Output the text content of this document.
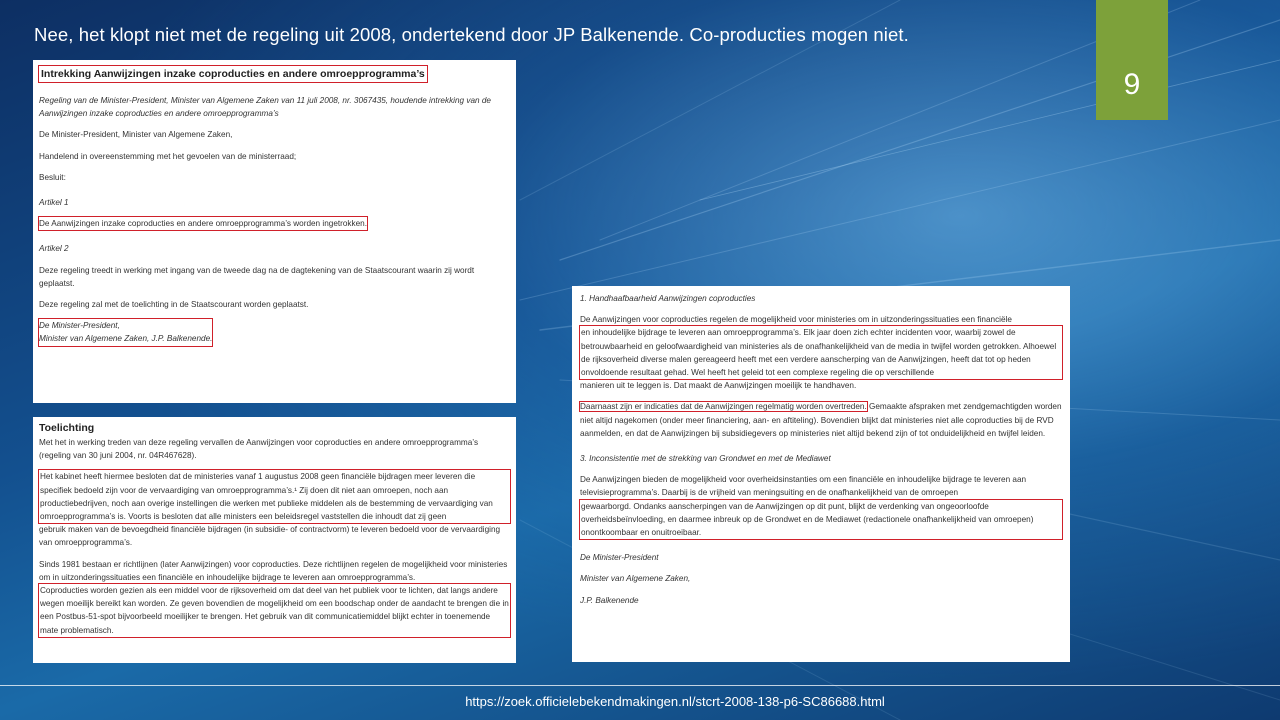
Nee, het klopt niet met de regeling uit 2008, ondertekend door JP Balkenende. Co-producties mogen niet.
9
Intrekking Aanwijzingen inzake coproducties en andere omroepprogramma’s

Regeling van de Minister-President, Minister van Algemene Zaken van 11 juli 2008, nr. 3067435, houdende intrekking van de Aanwijzingen inzake coproducties en andere omroepprogramma’s

De Minister-President, Minister van Algemene Zaken,

Handelend in overeenstemming met het gevoelen van de ministerraad;

Besluit:

Artikel 1

De Aanwijzingen inzake coproducties en andere omroepprogramma’s worden ingetrokken.

Artikel 2

Deze regeling treedt in werking met ingang van de tweede dag na de dagtekening van de Staatscourant waarin zij wordt geplaatst.

Deze regeling zal met de toelichting in de Staatscourant worden geplaatst.

De Minister-President,
Minister van Algemene Zaken, J.P. Balkenende.
Toelichting

Met het in werking treden van deze regeling vervallen de Aanwijzingen voor coproducties en andere omroepprogramma’s (regeling van 30 juni 2004, nr. 04R467628).

Het kabinet heeft hiermee besloten dat de ministeries vanaf 1 augustus 2008 geen financiële bijdragen meer leveren die specifiek bedoeld zijn voor de vervaardiging van omroepprogramma’s.¹ Zij doen dit niet aan omroepen, noch aan productiebedrijven, noch aan overige instellingen die werken met publieke middelen als de bestemming de vervaardiging van omroepprogramma’s is. Voorts is besloten dat alle ministers een beleidsregel vaststellen die inhoudt dat zij geen

gebruik maken van de bevoegdheid financiële bijdragen (in subsidie- of contractvorm) te leveren bedoeld voor de vervaardiging van omroepprogramma’s.

Sinds 1981 bestaan er richtlijnen (later Aanwijzingen) voor coproducties. Deze richtlijnen regelen de mogelijkheid voor ministeries om in uitzonderingssituaties een financiële en inhoudelijke bijdrage te leveren aan omroepprogramma’s.

Coproducties worden gezien als een middel voor de rijksoverheid om dat deel van het publiek voor te lichten, dat langs andere wegen moeilijk bereikt kan worden. Ze geven bovendien de mogelijkheid om een boodschap onder de aandacht te brengen die in een Postbus-51-spot bijvoorbeeld moeilijker te brengen. Het gebruik van dit communicatiemiddel blijkt echter in toenemende mate problematisch.

1. Handhaafbaarheid Aanwijzingen coproducties

De Aanwijzingen voor coproducties regelen de mogelijkheid voor ministeries om in uitzonderingssituaties een financiële

en inhoudelijke bijdrage te leveren aan omroepprogramma’s. Elk jaar doen zich echter incidenten voor, waarbij zowel de betrouwbaarheid en geloofwaardigheid van ministeries als de onafhankelijkheid van de media in twijfel worden getrokken. Alhoewel de rijksoverheid diverse malen gereageerd heeft met een verdere aanscherping van de Aanwijzingen, heeft dat tot op heden onvoldoende resultaat gehad. Wel heeft het geleid tot een complexe regeling die op verschillende

manieren uit te leggen is. Dat maakt de Aanwijzingen moeilijk te handhaven.

Daarnaast zijn er indicaties dat de Aanwijzingen regelmatig worden overtreden. Gemaakte afspraken met zendgemachtigden worden niet altijd nagekomen (onder meer financiering, aan- en aftiteling). Bovendien blijkt dat ministeries niet alle coproducties bij de RVD aanmelden, en dat de Aanwijzingen bij subsidiegevers op ministeries niet altijd bekend zijn of tot onduidelijkheid en twijfel leiden.

3. Inconsistentie met de strekking van Grondwet en met de Mediawet

De Aanwijzingen bieden de mogelijkheid voor overheidsinstanties om een financiële en inhoudelijke bijdrage te leveren aan televisieprogramma’s. Daarbij is de vrijheid van meningsuiting en de onafhankelijkheid van de omroepen

gewaarborgd. Ondanks aanscherpingen van de Aanwijzingen op dit punt, blijkt de verdenking van ongeoorloofde overheidsbeïnvloeding, en daarmee inbreuk op de Grondwet en de Mediawet (redactionele onafhankelijkheid van omroepen) onontkoombaar en onuitroeibaar.

De Minister-President

Minister van Algemene Zaken,

J.P. Balkenende

https://zoek.officielebekendmakingen.nl/stcrt-2008-138-p6-SC86688.html
